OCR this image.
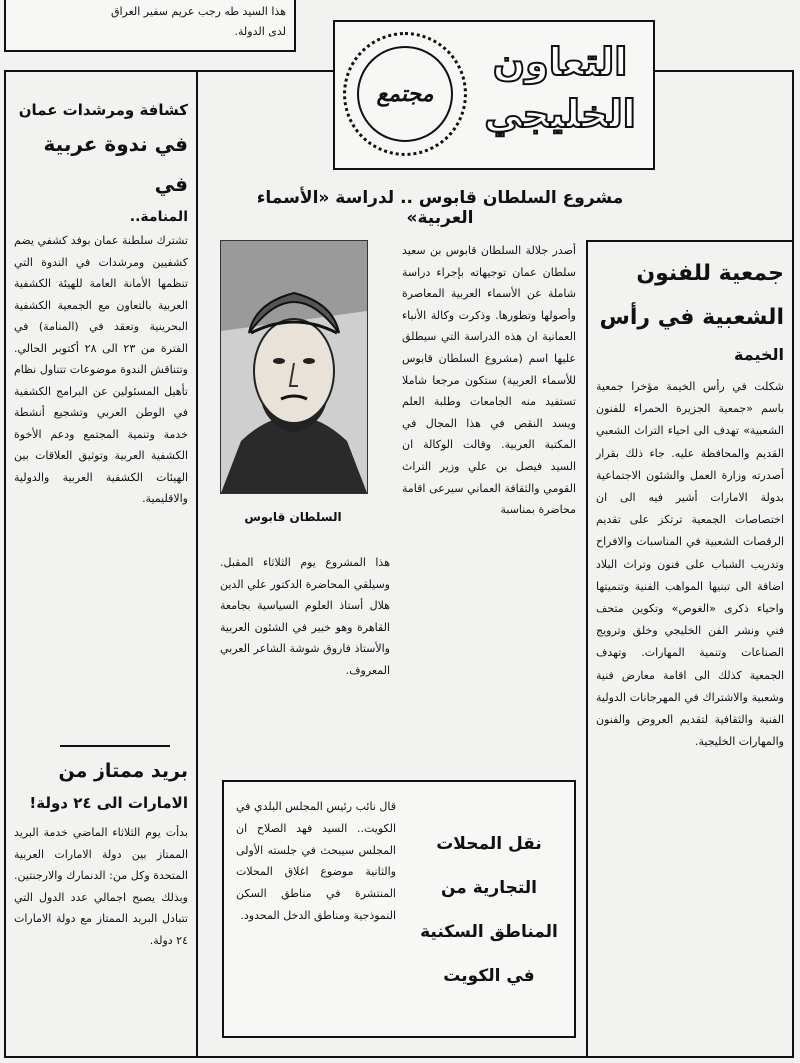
هذا السيد طه رجب عريم سفير العراق
لدى الدولة.
مجتمع
التعاون
الخليجي
مشروع السلطان قابوس .. لدراسة «الأسماء العربية»
كشافة ومرشدات عمان
في ندوة عربية في
المنامة..
تشترك سلطنة عمان بوفد كشفي يضم كشفيين ومرشدات في الندوة التي تنظمها الأمانة العامة للهيئة الكشفية العربية بالتعاون مع الجمعية الكشفية البحرينية وتعقد في (المنامة) في الفترة من ٢٣ الى ٢٨ أكتوبر الحالي. وتتناقش الندوة موضوعات تتناول نظام تأهيل المسئولين عن البرامج الكشفية في الوطن العربي وتشجيع أنشطة خدمة وتنمية المجتمع ودعم الأخوة الكشفية العربية وتوثيق العلاقات بين الهيئات الكشفية العربية والدولية والاقليمية.
بريد ممتاز من
الامارات الى ٢٤ دولة!
بدأت يوم الثلاثاء الماضي خدمة البريد الممتاز بين دولة الامارات العربية المتحدة وكل من: الدنمارك والارجنتين. وبذلك يصبح اجمالي عدد الدول التي تتبادل البريد الممتاز مع دولة الامارات ٢٤ دولة.
السلطان قابوس
أصدر جلالة السلطان قابوس بن سعيد سلطان عمان توجيهاته بإجراء دراسة شاملة عن الأسماء العربية المعاصرة وأصولها وتطورها. وذكرت وكالة الأنباء العمانية ان هذه الدراسة التي سيطلق عليها اسم (مشروع السلطان قابوس للأسماء العربية) ستكون مرجعا شاملا تستفيد منه الجامعات وطلبة العلم ويسد النقص في هذا المجال في المكتبة العربية. وقالت الوكالة ان السيد فيصل بن علي وزير التراث القومي والثقافة العماني سيرعى اقامة محاضرة بمناسبة
هذا المشروع يوم الثلاثاء المقبل. وسيلقي المحاضرة الدكتور علي الدين هلال أستاذ العلوم السياسية بجامعة القاهرة وهو خبير في الشئون العربية والأستاذ فاروق شوشة الشاعر العربي المعروف.
جمعية للفنون
الشعبية في رأس
الخيمة
شكلت في رأس الخيمة مؤخرا جمعية باسم «جمعية الجزيرة الحمراء للفنون الشعبية» تهدف الى احياء التراث الشعبي القديم والمحافظة عليه. جاء ذلك بقرار أصدرته وزارة العمل والشئون الاجتماعية بدولة الامارات أشير فيه الى ان اختصاصات الجمعية ترتكز على تقديم الرقصات الشعبية في المناسبات والافراح وتدريب الشباب على فنون وتراث البلاد اضافة الى تبنيها المواهب الفنية وتنميتها واحياء ذكرى «الغوص» وتكوين متحف فني ونشر الفن الخليجي وخلق وترويج الصناعات وتنمية المهارات. وتهدف الجمعية كذلك الى اقامة معارض فنية وشعبية والاشتراك في المهرجانات الدولية الفنية والثقافية لتقديم العروض والفنون والمهارات الخليجية.
قال نائب رئيس المجلس البلدي في الكويت.. السيد فهد الصلاح ان المجلس سيبحث في جلسته الأولى والثانية موضوع اغلاق المحلات المنتشرة في مناطق السكن النموذجية ومناطق الدخل المحدود.
نقل المحلات
التجارية من
المناطق السكنية
في الكويت
